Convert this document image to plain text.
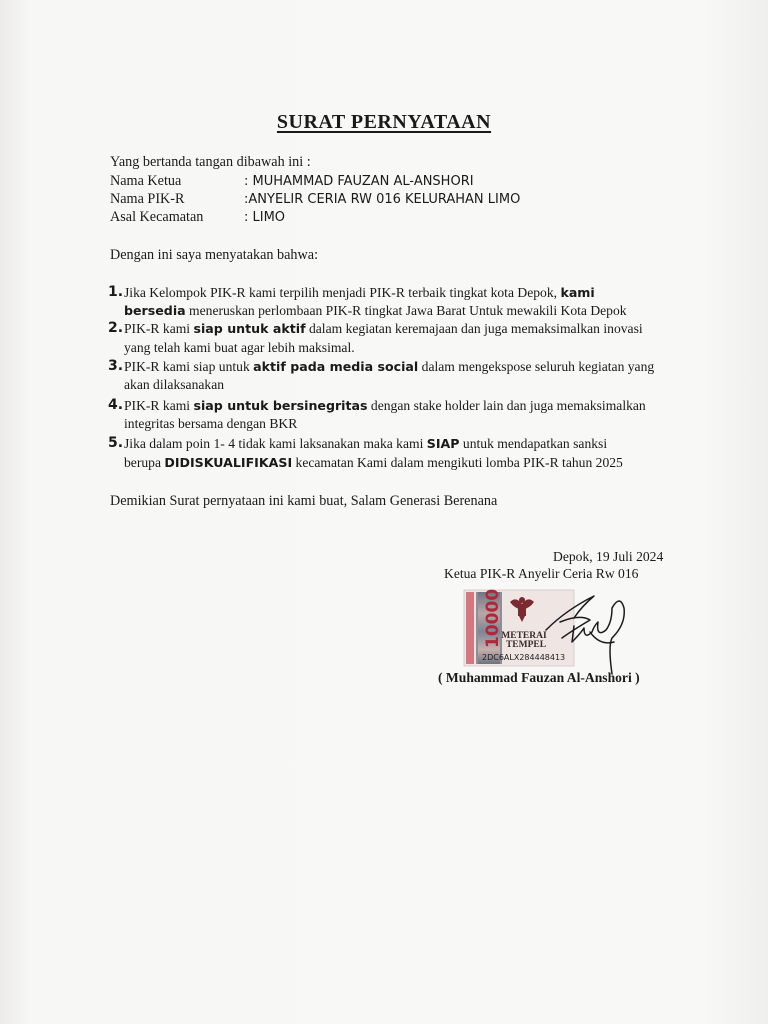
SURAT PERNYATAAN
Yang bertanda tangan dibawah ini :
Nama Ketua	: MUHAMMAD FAUZAN AL-ANSHORI
Nama PIK-R	:ANYELIR CERIA RW 016 KELURAHAN LIMO
Asal Kecamatan	: LIMO
Dengan ini saya menyatakan bahwa:
1. Jika Kelompok PIK-R kami terpilih menjadi PIK-R terbaik tingkat kota Depok, kami
bersedia meneruskan perlombaan PIK-R tingkat Jawa Barat Untuk mewakili Kota Depok
2. PIK-R kami siap untuk aktif dalam kegiatan keremajaan dan juga memaksimalkan inovasi
yang telah kami buat agar lebih maksimal.
3. PIK-R kami siap untuk aktif pada media social dalam mengekspose seluruh kegiatan yang
akan dilaksanakan
4. PIK-R kami siap untuk bersinegritas dengan stake holder lain dan juga memaksimalkan
integritas bersama dengan BKR
5. Jika dalam poin 1- 4 tidak kami laksanakan maka kami SIAP untuk mendapatkan sanksi
berupa DIDISKUALIFIKASI kecamatan Kami dalam mengikuti lomba PIK-R tahun 2025
Demikian Surat pernyataan ini kami buat, Salam Generasi Berenana
Depok, 19 Juli 2024
Ketua PIK-R Anyelir Ceria Rw 016
10000
METERAI
TEMPEL
2DC6ALX284448413
( Muhammad Fauzan Al-Anshori )
